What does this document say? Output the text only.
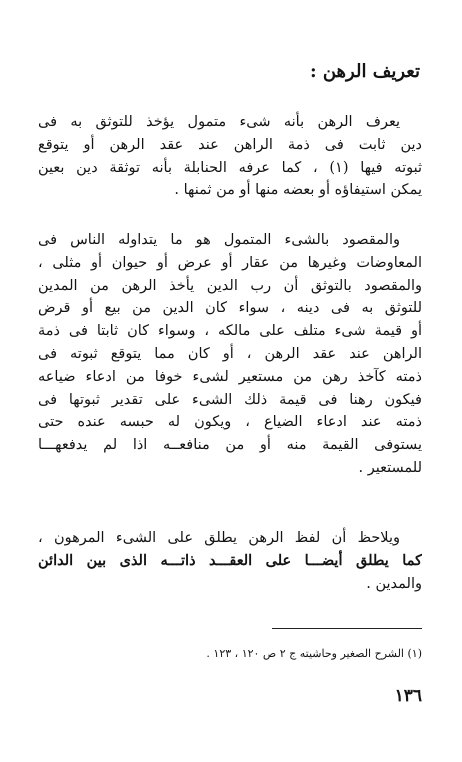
تعريف الرهن :
يعرف الرهن بأنه شىء متمول يؤخذ للتوثق به فى
دين ثابت فى ذمة الراهن عند عقد الرهن أو يتوقع
ثبوته فيها (١) ، كما عرفه الحنابلة بأنه توثقة دين بعين
يمكن استيفاؤه أو بعضه منها أو من ثمنها .
والمقصود بالشىء المتمول هو ما يتداوله الناس فى
المعاوضات وغيرها من عقار أو عرض أو حيوان أو مثلى ،
والمقصود بالتوثق أن رب الدين يأخذ الرهن من المدين
للتوثق به فى دينه ، سواء كان الدين من بيع أو قرض
أو قيمة شىء متلف على مالكه ، وسواء كان ثابتا فى ذمة
الراهن عند عقد الرهن ، أو كان مما يتوقع ثبوته فى
ذمته كآخذ رهن من مستعير لشىء خوفا من ادعاء ضياعه
فيكون رهنا فى قيمة ذلك الشىء على تقدير ثبوتها فى
ذمته عند ادعاء الضياع ، ويكون له حبسه عنده حتى
يستوفى القيمة منه أو من منافعــه اذا لم يدفعهـــا
للمستعير .
ويلاحظ أن لفظ الرهن يطلق على الشىء المرهون ،
كما يطلق أيضـــا على العقـــد ذاتـــه الذى بين الدائن
والمدين .
(١) الشرح الصغير وحاشيته ج ٢ ص ١٢٠ ، ١٢٣ .
١٣٦
